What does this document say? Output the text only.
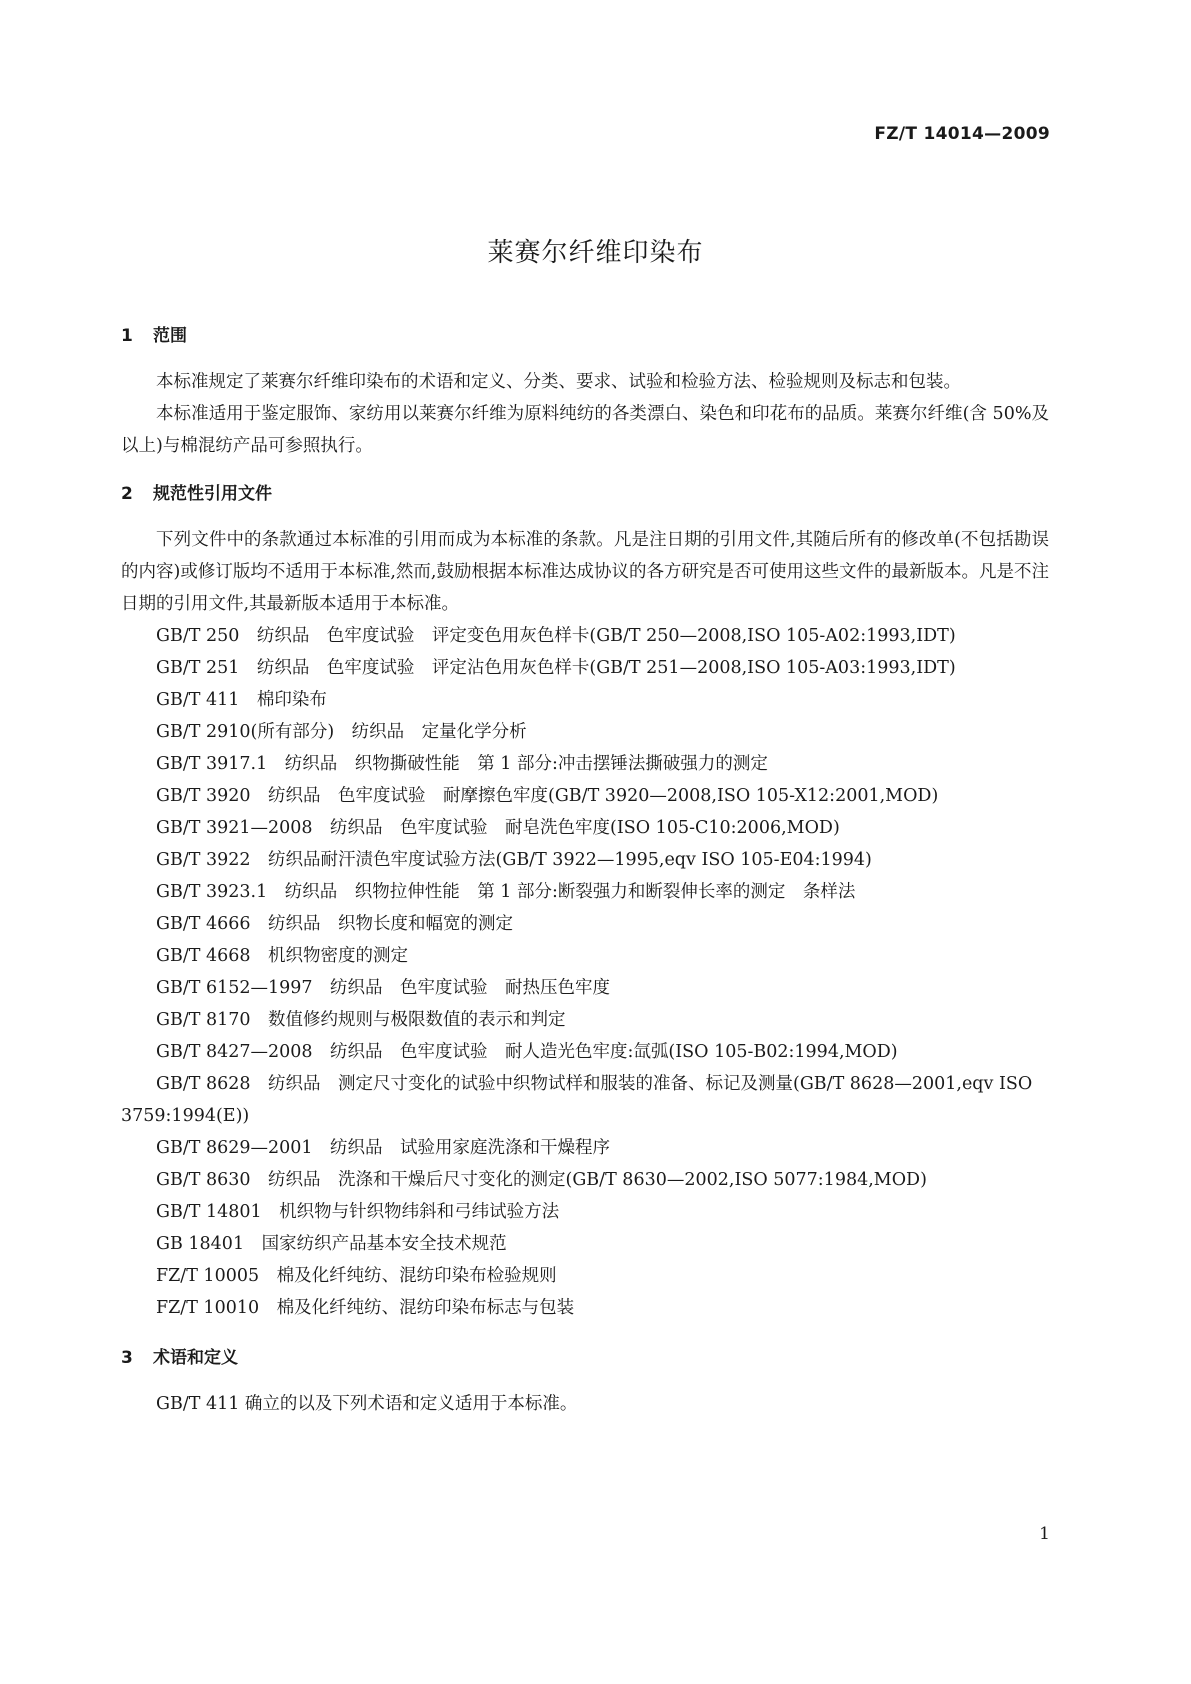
FZ/T 14014—2009
莱赛尔纤维印染布
1 范围

本标准规定了莱赛尔纤维印染布的术语和定义、分类、要求、试验和检验方法、检验规则及标志和包装。

本标准适用于鉴定服饰、家纺用以莱赛尔纤维为原料纯纺的各类漂白、染色和印花布的品质。莱赛尔纤维(含 50%及以上)与棉混纺产品可参照执行。

2 规范性引用文件

下列文件中的条款通过本标准的引用而成为本标准的条款。凡是注日期的引用文件,其随后所有的修改单(不包括勘误的内容)或修订版均不适用于本标准,然而,鼓励根据本标准达成协议的各方研究是否可使用这些文件的最新版本。凡是不注日期的引用文件,其最新版本适用于本标准。

GB/T 250　纺织品　色牢度试验　评定变色用灰色样卡(GB/T 250—2008,ISO 105-A02:1993,IDT)
GB/T 251　纺织品　色牢度试验　评定沾色用灰色样卡(GB/T 251—2008,ISO 105-A03:1993,IDT)
GB/T 411　棉印染布
GB/T 2910(所有部分)　纺织品　定量化学分析
GB/T 3917.1　纺织品　织物撕破性能　第 1 部分:冲击摆锤法撕破强力的测定
GB/T 3920　纺织品　色牢度试验　耐摩擦色牢度(GB/T 3920—2008,ISO 105-X12:2001,MOD)
GB/T 3921—2008　纺织品　色牢度试验　耐皂洗色牢度(ISO 105-C10:2006,MOD)
GB/T 3922　纺织品耐汗渍色牢度试验方法(GB/T 3922—1995,eqv ISO 105-E04:1994)
GB/T 3923.1　纺织品　织物拉伸性能　第 1 部分:断裂强力和断裂伸长率的测定　条样法
GB/T 4666　纺织品　织物长度和幅宽的测定
GB/T 4668　机织物密度的测定
GB/T 6152—1997　纺织品　色牢度试验　耐热压色牢度
GB/T 8170　数值修约规则与极限数值的表示和判定
GB/T 8427—2008　纺织品　色牢度试验　耐人造光色牢度:氙弧(ISO 105-B02:1994,MOD)
GB/T 8628　纺织品　测定尺寸变化的试验中织物试样和服装的准备、标记及测量(GB/T 8628—2001,eqv ISO 3759:1994(E))
GB/T 8629—2001　纺织品　试验用家庭洗涤和干燥程序
GB/T 8630　纺织品　洗涤和干燥后尺寸变化的测定(GB/T 8630—2002,ISO 5077:1984,MOD)
GB/T 14801　机织物与针织物纬斜和弓纬试验方法
GB 18401　国家纺织产品基本安全技术规范
FZ/T 10005　棉及化纤纯纺、混纺印染布检验规则
FZ/T 10010　棉及化纤纯纺、混纺印染布标志与包装
3 术语和定义

GB/T 411 确立的以及下列术语和定义适用于本标准。

1
